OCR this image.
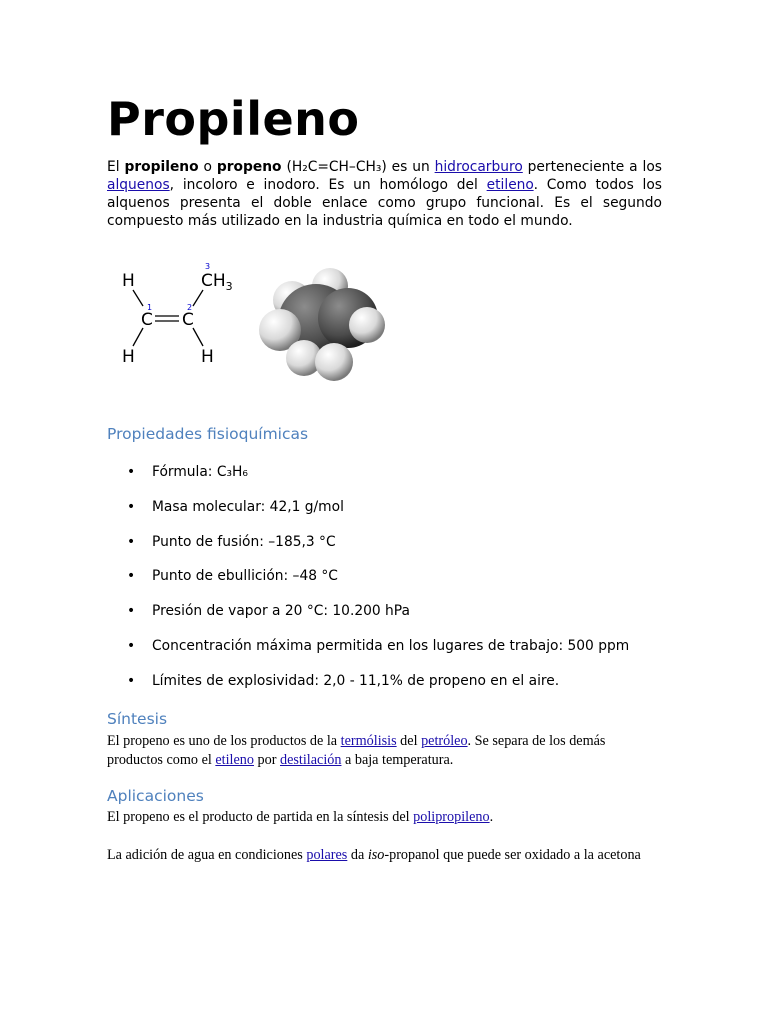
Propileno

El propileno o propeno (H₂C=CH–CH₃) es un hidrocarburo perteneciente a los alquenos, incoloro e inodoro. Es un homólogo del etileno. Como todos los alquenos presenta el doble enlace como grupo funcional. Es el segundo compuesto más utilizado en la industria química en todo el mundo.

H
H	H
C C
$CH_3$
1	2
3
Propiedades fisioquímicas
• Fórmula: C₃H₆
• Masa molecular: 42,1 g/mol
• Punto de fusión: –185,3 °C
• Punto de ebullición: –48 °C
• Presión de vapor a 20 °C: 10.200 hPa
• Concentración máxima permitida en los lugares de trabajo: 500 ppm
• Límites de explosividad: 2,0 - 11,1% de propeno en el aire.
Síntesis

El propeno es uno de los productos de la termólisis del petróleo. Se separa de los demás productos como el etileno por destilación a baja temperatura.

Aplicaciones

El propeno es el producto de partida en la síntesis del polipropileno.

La adición de agua en condiciones polares da iso-propanol que puede ser oxidado a la acetona
